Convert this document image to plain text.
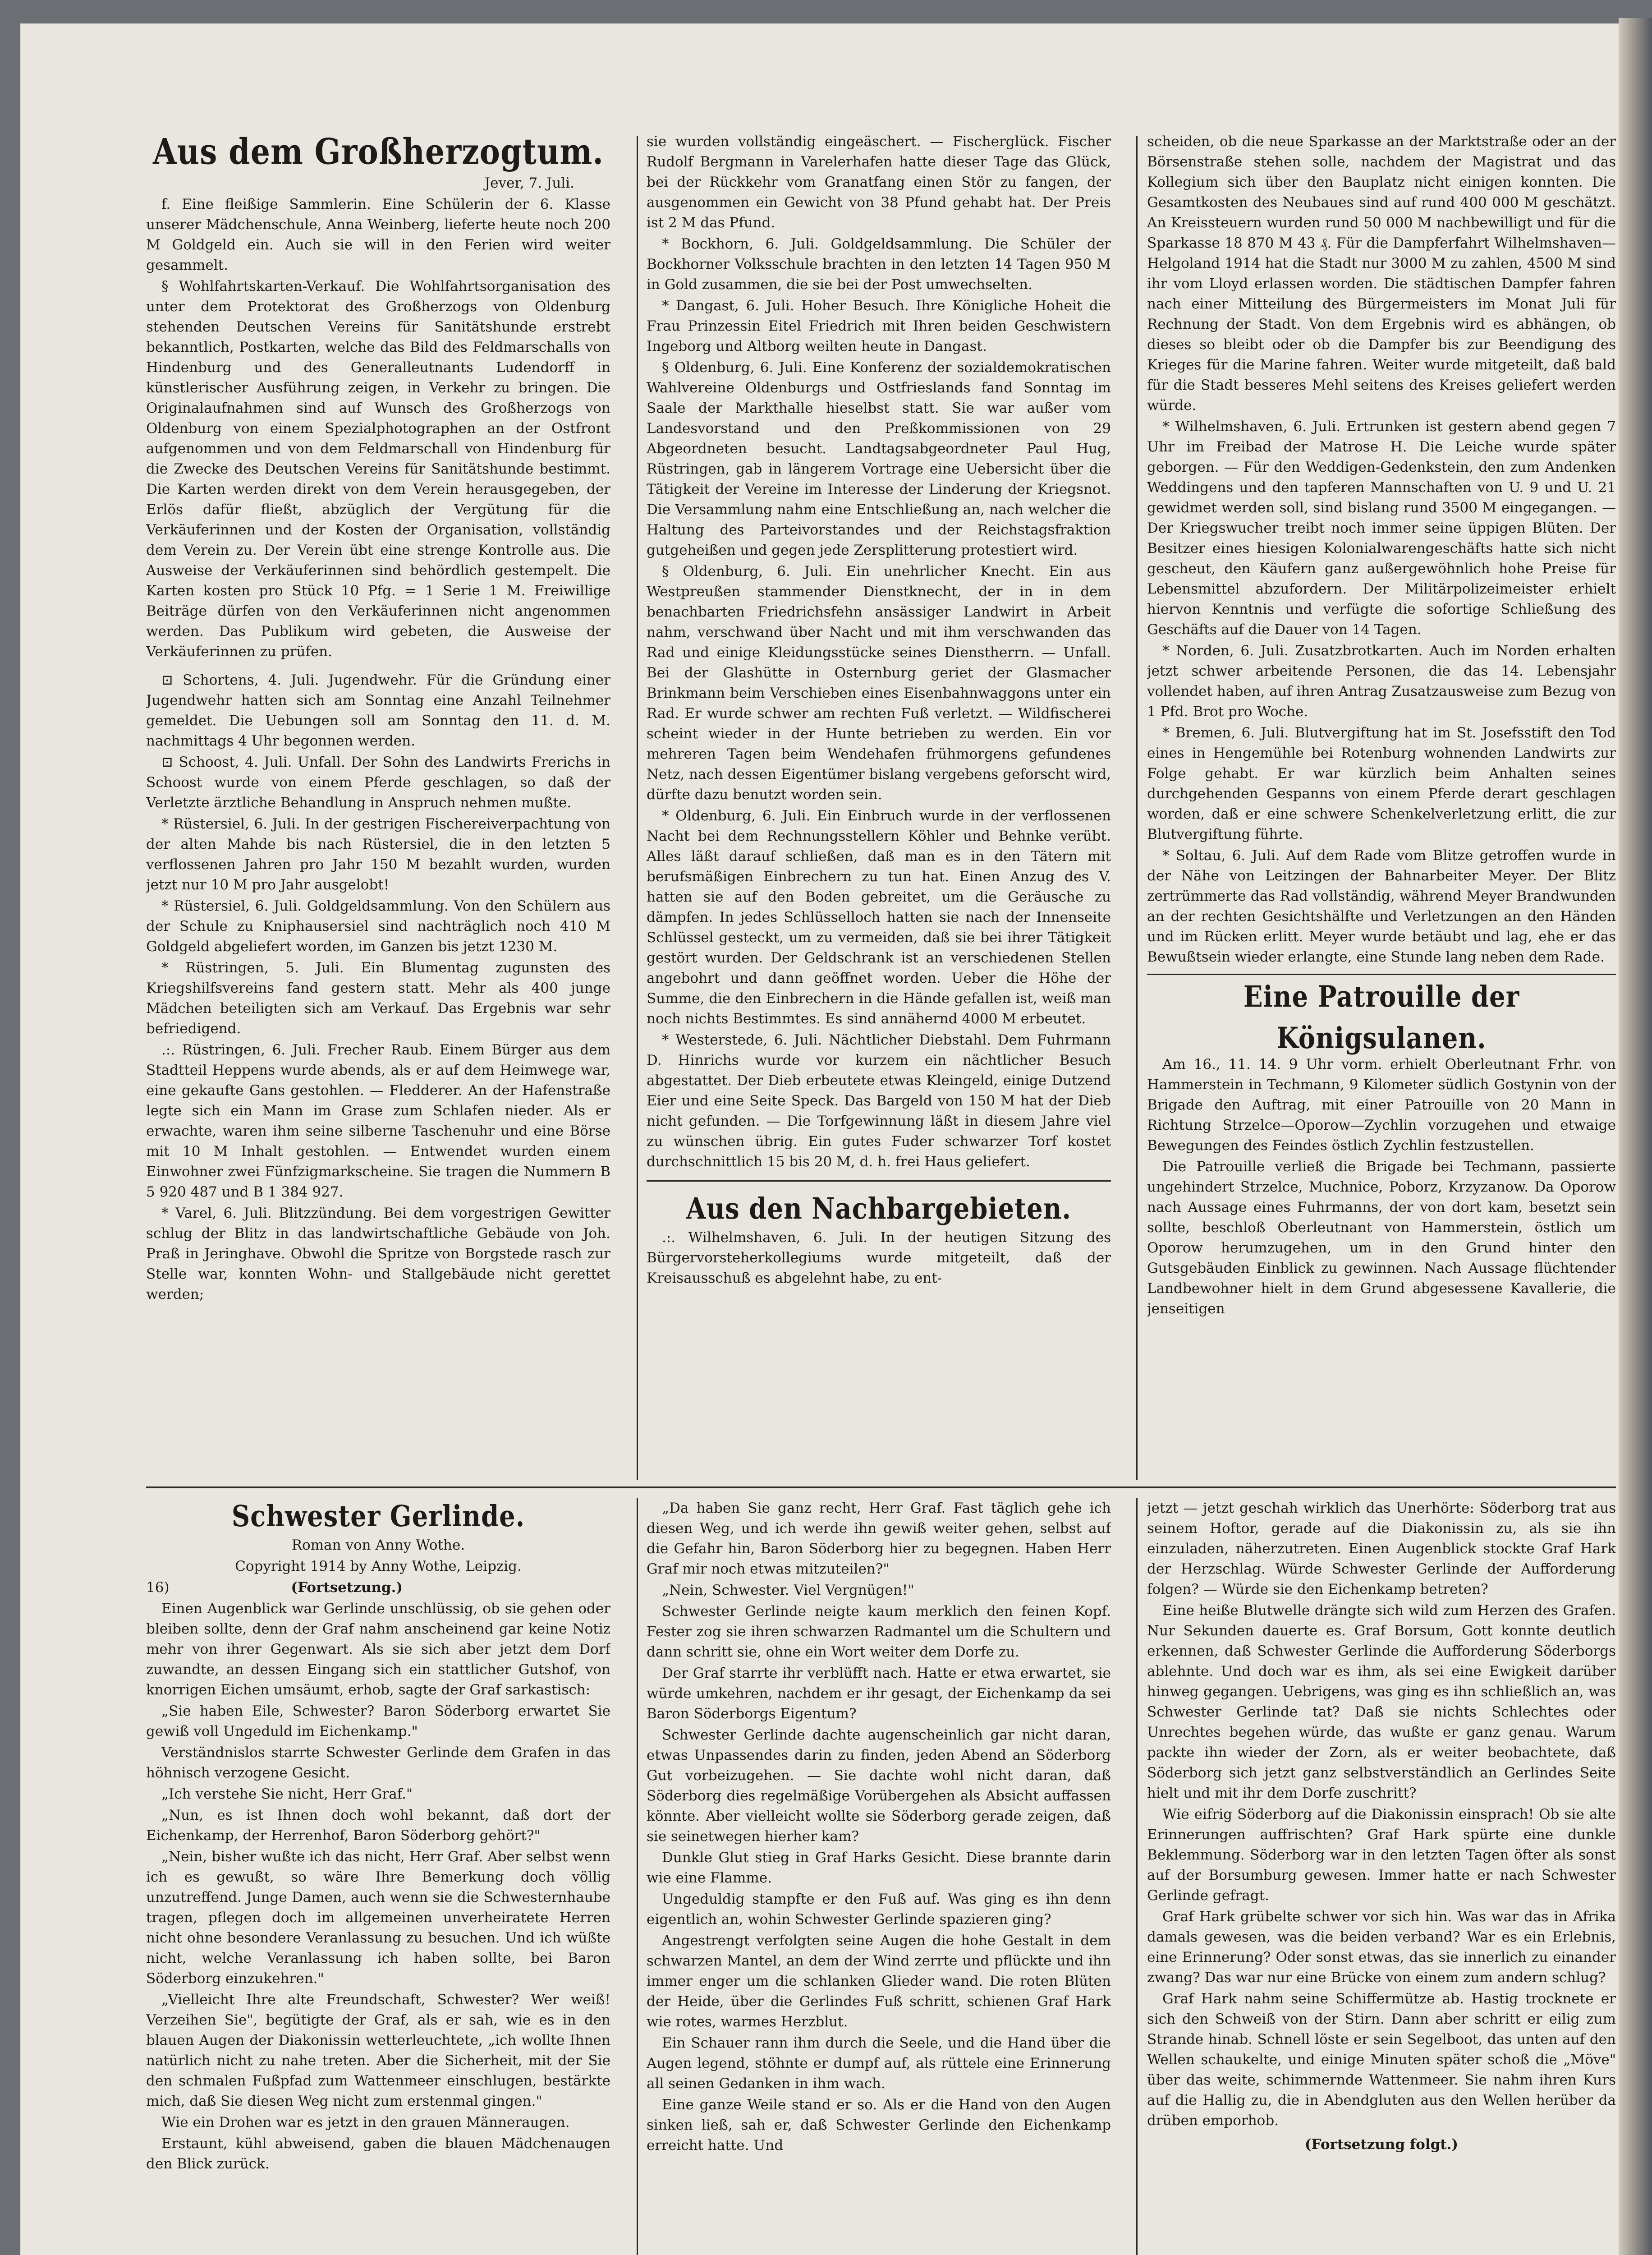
Aus dem Großherzogtum.

Jever, 7. Juli.

f. Eine fleißige Sammlerin. Eine Schülerin der 6. Klasse unserer Mädchenschule, Anna Weinberg, lieferte heute noch 200 M Goldgeld ein. Auch sie will in den Ferien wird weiter gesammelt.

§ Wohlfahrtskarten-Verkauf. Die Wohlfahrtsorganisation des unter dem Protektorat des Großherzogs von Oldenburg stehenden Deutschen Vereins für Sanitätshunde erstrebt bekanntlich, Postkarten, welche das Bild des Feldmarschalls von Hindenburg und des Generalleutnants Ludendorff in künstlerischer Ausführung zeigen, in Verkehr zu bringen. Die Originalaufnahmen sind auf Wunsch des Großherzogs von Oldenburg von einem Spezialphotographen an der Ostfront aufgenommen und von dem Feldmarschall von Hindenburg für die Zwecke des Deutschen Vereins für Sanitätshunde bestimmt. Die Karten werden direkt von dem Verein herausgegeben, der Erlös dafür fließt, abzüglich der Vergütung für die Verkäuferinnen und der Kosten der Organisation, vollständig dem Verein zu. Der Verein übt eine strenge Kontrolle aus. Die Ausweise der Verkäuferinnen sind behördlich gestempelt. Die Karten kosten pro Stück 10 Pfg. = 1 Serie 1 M. Freiwillige Beiträge dürfen von den Verkäuferinnen nicht angenommen werden. Das Publikum wird gebeten, die Ausweise der Verkäuferinnen zu prüfen.

⊡ Schortens, 4. Juli. Jugendwehr. Für die Gründung einer Jugendwehr hatten sich am Sonntag eine Anzahl Teilnehmer gemeldet. Die Uebungen soll am Sonntag den 11. d. M. nachmittags 4 Uhr begonnen werden.

⊡ Schoost, 4. Juli. Unfall. Der Sohn des Landwirts Frerichs in Schoost wurde von einem Pferde geschlagen, so daß der Verletzte ärztliche Behandlung in Anspruch nehmen mußte.

* Rüstersiel, 6. Juli. In der gestrigen Fischereiverpachtung von der alten Mahde bis nach Rüstersiel, die in den letzten 5 verflossenen Jahren pro Jahr 150 M bezahlt wurden, wurden jetzt nur 10 M pro Jahr ausgelobt!

* Rüstersiel, 6. Juli. Goldgeldsammlung. Von den Schülern aus der Schule zu Kniphausersiel sind nachträglich noch 410 M Goldgeld abgeliefert worden, im Ganzen bis jetzt 1230 M.

* Rüstringen, 5. Juli. Ein Blumentag zugunsten des Kriegshilfsvereins fand gestern statt. Mehr als 400 junge Mädchen beteiligten sich am Verkauf. Das Ergebnis war sehr befriedigend.

.:. Rüstringen, 6. Juli. Frecher Raub. Einem Bürger aus dem Stadtteil Heppens wurde abends, als er auf dem Heimwege war, eine gekaufte Gans gestohlen. — Fledderer. An der Hafenstraße legte sich ein Mann im Grase zum Schlafen nieder. Als er erwachte, waren ihm seine silberne Taschenuhr und eine Börse mit 10 M Inhalt gestohlen. — Entwendet wurden einem Einwohner zwei Fünfzigmarkscheine. Sie tragen die Nummern B 5 920 487 und B 1 384 927.

* Varel, 6. Juli. Blitzzündung. Bei dem vorgestrigen Gewitter schlug der Blitz in das landwirtschaftliche Gebäude von Joh. Praß in Jeringhave. Obwohl die Spritze von Borgstede rasch zur Stelle war, konnten Wohn- und Stallgebäude nicht gerettet werden;

sie wurden vollständig eingeäschert. — Fischerglück. Fischer Rudolf Bergmann in Varelerhafen hatte dieser Tage das Glück, bei der Rückkehr vom Granatfang einen Stör zu fangen, der ausgenommen ein Gewicht von 38 Pfund gehabt hat. Der Preis ist 2 M das Pfund.

* Bockhorn, 6. Juli. Goldgeldsammlung. Die Schüler der Bockhorner Volksschule brachten in den letzten 14 Tagen 950 M in Gold zusammen, die sie bei der Post umwechselten.

* Dangast, 6. Juli. Hoher Besuch. Ihre Königliche Hoheit die Frau Prinzessin Eitel Friedrich mit Ihren beiden Geschwistern Ingeborg und Altborg weilten heute in Dangast.

§ Oldenburg, 6. Juli. Eine Konferenz der sozialdemokratischen Wahlvereine Oldenburgs und Ostfrieslands fand Sonntag im Saale der Markthalle hieselbst statt. Sie war außer vom Landesvorstand und den Preßkommissionen von 29 Abgeordneten besucht. Landtagsabgeordneter Paul Hug, Rüstringen, gab in längerem Vortrage eine Uebersicht über die Tätigkeit der Vereine im Interesse der Linderung der Kriegsnot. Die Versammlung nahm eine Entschließung an, nach welcher die Haltung des Parteivorstandes und der Reichstagsfraktion gutgeheißen und gegen jede Zersplitterung protestiert wird.

§ Oldenburg, 6. Juli. Ein unehrlicher Knecht. Ein aus Westpreußen stammender Dienstknecht, der in in dem benachbarten Friedrichsfehn ansässiger Landwirt in Arbeit nahm, verschwand über Nacht und mit ihm verschwanden das Rad und einige Kleidungsstücke seines Dienstherrn. — Unfall. Bei der Glashütte in Osternburg geriet der Glasmacher Brinkmann beim Verschieben eines Eisenbahnwaggons unter ein Rad. Er wurde schwer am rechten Fuß verletzt. — Wildfischerei scheint wieder in der Hunte betrieben zu werden. Ein vor mehreren Tagen beim Wendehafen frühmorgens gefundenes Netz, nach dessen Eigentümer bislang vergebens geforscht wird, dürfte dazu benutzt worden sein.

* Oldenburg, 6. Juli. Ein Einbruch wurde in der verflossenen Nacht bei dem Rechnungsstellern Köhler und Behnke verübt. Alles läßt darauf schließen, daß man es in den Tätern mit berufsmäßigen Einbrechern zu tun hat. Einen Anzug des V. hatten sie auf den Boden gebreitet, um die Geräusche zu dämpfen. In jedes Schlüsselloch hatten sie nach der Innenseite Schlüssel gesteckt, um zu vermeiden, daß sie bei ihrer Tätigkeit gestört wurden. Der Geldschrank ist an verschiedenen Stellen angebohrt und dann geöffnet worden. Ueber die Höhe der Summe, die den Einbrechern in die Hände gefallen ist, weiß man noch nichts Bestimmtes. Es sind annähernd 4000 M erbeutet.

* Westerstede, 6. Juli. Nächtlicher Diebstahl. Dem Fuhrmann D. Hinrichs wurde vor kurzem ein nächtlicher Besuch abgestattet. Der Dieb erbeutete etwas Kleingeld, einige Dutzend Eier und eine Seite Speck. Das Bargeld von 150 M hat der Dieb nicht gefunden. — Die Torfgewinnung läßt in diesem Jahre viel zu wünschen übrig. Ein gutes Fuder schwarzer Torf kostet durchschnittlich 15 bis 20 M, d. h. frei Haus geliefert.

Aus den Nachbargebieten.

.:. Wilhelmshaven, 6. Juli. In der heutigen Sitzung des Bürgervorsteherkollegiums wurde mitgeteilt, daß der Kreisausschuß es abgelehnt habe, zu ent-

scheiden, ob die neue Sparkasse an der Marktstraße oder an der Börsenstraße stehen solle, nachdem der Magistrat und das Kollegium sich über den Bauplatz nicht einigen konnten. Die Gesamtkosten des Neubaues sind auf rund 400 000 M geschätzt. An Kreissteuern wurden rund 50 000 M nachbewilligt und für die Sparkasse 18 870 M 43 ₰. Für die Dampferfahrt Wilhelmshaven—Helgoland 1914 hat die Stadt nur 3000 M zu zahlen, 4500 M sind ihr vom Lloyd erlassen worden. Die städtischen Dampfer fahren nach einer Mitteilung des Bürgermeisters im Monat Juli für Rechnung der Stadt. Von dem Ergebnis wird es abhängen, ob dieses so bleibt oder ob die Dampfer bis zur Beendigung des Krieges für die Marine fahren. Weiter wurde mitgeteilt, daß bald für die Stadt besseres Mehl seitens des Kreises geliefert werden würde.

* Wilhelmshaven, 6. Juli. Ertrunken ist gestern abend gegen 7 Uhr im Freibad der Matrose H. Die Leiche wurde später geborgen. — Für den Weddigen-Gedenkstein, den zum Andenken Weddingens und den tapferen Mannschaften von U. 9 und U. 21 gewidmet werden soll, sind bislang rund 3500 M eingegangen. — Der Kriegswucher treibt noch immer seine üppigen Blüten. Der Besitzer eines hiesigen Kolonialwarengeschäfts hatte sich nicht gescheut, den Käufern ganz außergewöhnlich hohe Preise für Lebensmittel abzufordern. Der Militärpolizeimeister erhielt hiervon Kenntnis und verfügte die sofortige Schließung des Geschäfts auf die Dauer von 14 Tagen.

* Norden, 6. Juli. Zusatzbrotkarten. Auch im Norden erhalten jetzt schwer arbeitende Personen, die das 14. Lebensjahr vollendet haben, auf ihren Antrag Zusatzausweise zum Bezug von 1 Pfd. Brot pro Woche.

* Bremen, 6. Juli. Blutvergiftung hat im St. Josefsstift den Tod eines in Hengemühle bei Rotenburg wohnenden Landwirts zur Folge gehabt. Er war kürzlich beim Anhalten seines durchgehenden Gespanns von einem Pferde derart geschlagen worden, daß er eine schwere Schenkelverletzung erlitt, die zur Blutvergiftung führte.

* Soltau, 6. Juli. Auf dem Rade vom Blitze getroffen wurde in der Nähe von Leitzingen der Bahnarbeiter Meyer. Der Blitz zertrümmerte das Rad vollständig, während Meyer Brandwunden an der rechten Gesichtshälfte und Verletzungen an den Händen und im Rücken erlitt. Meyer wurde betäubt und lag, ehe er das Bewußtsein wieder erlangte, eine Stunde lang neben dem Rade.

Eine Patrouille der Königsulanen.

Am 16., 11. 14. 9 Uhr vorm. erhielt Oberleutnant Frhr. von Hammerstein in Techmann, 9 Kilometer südlich Gostynin von der Brigade den Auftrag, mit einer Patrouille von 20 Mann in Richtung Strzelce—Oporow—Zychlin vorzugehen und etwaige Bewegungen des Feindes östlich Zychlin festzustellen.

Die Patrouille verließ die Brigade bei Techmann, passierte ungehindert Strzelce, Muchnice, Poborz, Krzyzanow. Da Oporow nach Aussage eines Fuhrmanns, der von dort kam, besetzt sein sollte, beschloß Oberleutnant von Hammerstein, östlich um Oporow herumzugehen, um in den Grund hinter den Gutsgebäuden Einblick zu gewinnen. Nach Aussage flüchtender Landbewohner hielt in dem Grund abgesessene Kavallerie, die jenseitigen

Schwester Gerlinde.

Roman von Anny Wothe.

Copyright 1914 by Anny Wothe, Leipzig.

16)	(Fortsetzung.)

Einen Augenblick war Gerlinde unschlüssig, ob sie gehen oder bleiben sollte, denn der Graf nahm anscheinend gar keine Notiz mehr von ihrer Gegenwart. Als sie sich aber jetzt dem Dorf zuwandte, an dessen Eingang sich ein stattlicher Gutshof, von knorrigen Eichen umsäumt, erhob, sagte der Graf sarkastisch:

„Sie haben Eile, Schwester? Baron Söderborg erwartet Sie gewiß voll Ungeduld im Eichenkamp."

Verständnislos starrte Schwester Gerlinde dem Grafen in das höhnisch verzogene Gesicht.

„Ich verstehe Sie nicht, Herr Graf."

„Nun, es ist Ihnen doch wohl bekannt, daß dort der Eichenkamp, der Herrenhof, Baron Söderborg gehört?"

„Nein, bisher wußte ich das nicht, Herr Graf. Aber selbst wenn ich es gewußt, so wäre Ihre Bemerkung doch völlig unzutreffend. Junge Damen, auch wenn sie die Schwesternhaube tragen, pflegen doch im allgemeinen unverheiratete Herren nicht ohne besondere Veranlassung zu besuchen. Und ich wüßte nicht, welche Veranlassung ich haben sollte, bei Baron Söderborg einzukehren."

„Vielleicht Ihre alte Freundschaft, Schwester? Wer weiß! Verzeihen Sie", begütigte der Graf, als er sah, wie es in den blauen Augen der Diakonissin wetterleuchtete, „ich wollte Ihnen natürlich nicht zu nahe treten. Aber die Sicherheit, mit der Sie den schmalen Fußpfad zum Wattenmeer einschlugen, bestärkte mich, daß Sie diesen Weg nicht zum erstenmal gingen."

Wie ein Drohen war es jetzt in den grauen Männeraugen.

Erstaunt, kühl abweisend, gaben die blauen Mädchenaugen den Blick zurück.

„Da haben Sie ganz recht, Herr Graf. Fast täglich gehe ich diesen Weg, und ich werde ihn gewiß weiter gehen, selbst auf die Gefahr hin, Baron Söderborg hier zu begegnen. Haben Herr Graf mir noch etwas mitzuteilen?"

„Nein, Schwester. Viel Vergnügen!"

Schwester Gerlinde neigte kaum merklich den feinen Kopf. Fester zog sie ihren schwarzen Radmantel um die Schultern und dann schritt sie, ohne ein Wort weiter dem Dorfe zu.

Der Graf starrte ihr verblüfft nach. Hatte er etwa erwartet, sie würde umkehren, nachdem er ihr gesagt, der Eichenkamp da sei Baron Söderborgs Eigentum?

Schwester Gerlinde dachte augenscheinlich gar nicht daran, etwas Unpassendes darin zu finden, jeden Abend an Söderborg Gut vorbeizugehen. — Sie dachte wohl nicht daran, daß Söderborg dies regelmäßige Vorübergehen als Absicht auffassen könnte. Aber vielleicht wollte sie Söderborg gerade zeigen, daß sie seinetwegen hierher kam?

Dunkle Glut stieg in Graf Harks Gesicht. Diese brannte darin wie eine Flamme.

Ungeduldig stampfte er den Fuß auf. Was ging es ihn denn eigentlich an, wohin Schwester Gerlinde spazieren ging?

Angestrengt verfolgten seine Augen die hohe Gestalt in dem schwarzen Mantel, an dem der Wind zerrte und pflückte und ihn immer enger um die schlanken Glieder wand. Die roten Blüten der Heide, über die Gerlindes Fuß schritt, schienen Graf Hark wie rotes, warmes Herzblut.

Ein Schauer rann ihm durch die Seele, und die Hand über die Augen legend, stöhnte er dumpf auf, als rüttele eine Erinnerung all seinen Gedanken in ihm wach.

Eine ganze Weile stand er so. Als er die Hand von den Augen sinken ließ, sah er, daß Schwester Gerlinde den Eichenkamp erreicht hatte. Und

jetzt — jetzt geschah wirklich das Unerhörte: Söderborg trat aus seinem Hoftor, gerade auf die Diakonissin zu, als sie ihn einzuladen, näherzutreten. Einen Augenblick stockte Graf Hark der Herzschlag. Würde Schwester Gerlinde der Aufforderung folgen? — Würde sie den Eichenkamp betreten?

Eine heiße Blutwelle drängte sich wild zum Herzen des Grafen. Nur Sekunden dauerte es. Graf Borsum, Gott konnte deutlich erkennen, daß Schwester Gerlinde die Aufforderung Söderborgs ablehnte. Und doch war es ihm, als sei eine Ewigkeit darüber hinweg gegangen. Uebrigens, was ging es ihn schließlich an, was Schwester Gerlinde tat? Daß sie nichts Schlechtes oder Unrechtes begehen würde, das wußte er ganz genau. Warum packte ihn wieder der Zorn, als er weiter beobachtete, daß Söderborg sich jetzt ganz selbstverständlich an Gerlindes Seite hielt und mit ihr dem Dorfe zuschritt?

Wie eifrig Söderborg auf die Diakonissin einsprach! Ob sie alte Erinnerungen auffrischten? Graf Hark spürte eine dunkle Beklemmung. Söderborg war in den letzten Tagen öfter als sonst auf der Borsumburg gewesen. Immer hatte er nach Schwester Gerlinde gefragt.

Graf Hark grübelte schwer vor sich hin. Was war das in Afrika damals gewesen, was die beiden verband? War es ein Erlebnis, eine Erinnerung? Oder sonst etwas, das sie innerlich zu einander zwang? Das war nur eine Brücke von einem zum andern schlug?

Graf Hark nahm seine Schiffermütze ab. Hastig trocknete er sich den Schweiß von der Stirn. Dann aber schritt er eilig zum Strande hinab. Schnell löste er sein Segelboot, das unten auf den Wellen schaukelte, und einige Minuten später schoß die „Möve" über das weite, schimmernde Wattenmeer. Sie nahm ihren Kurs auf die Hallig zu, die in Abendgluten aus den Wellen herüber da drüben emporhob.

(Fortsetzung folgt.)
